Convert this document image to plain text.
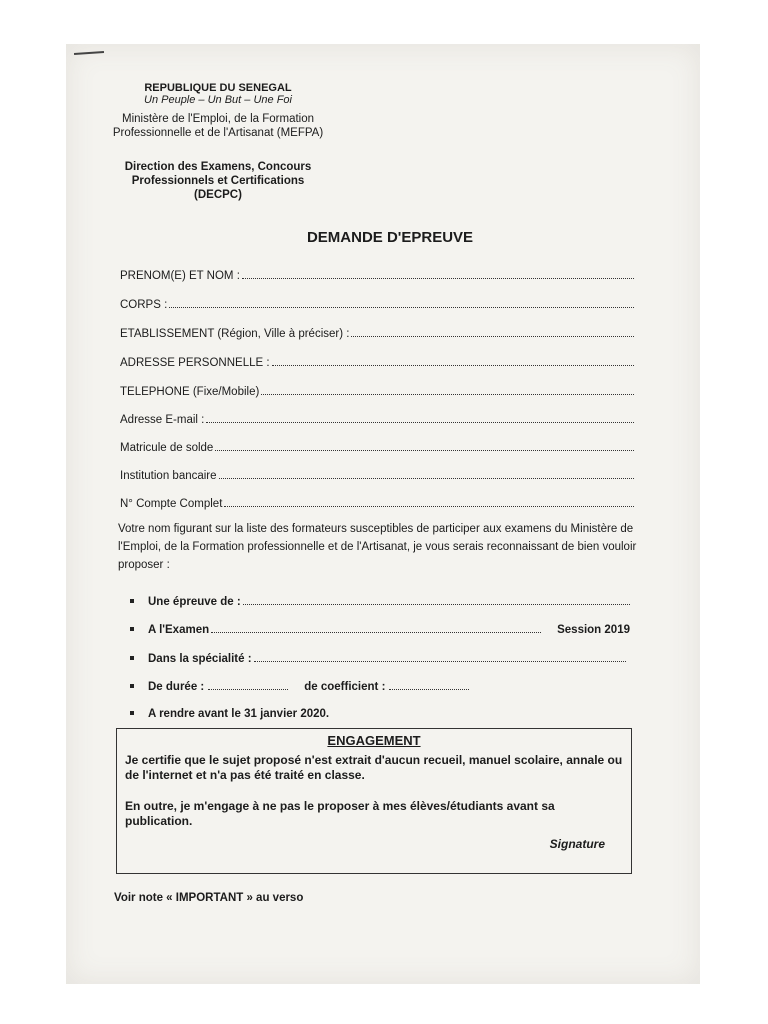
REPUBLIQUE DU SENEGAL
Un Peuple – Un But – Une Foi
Ministère de l'Emploi, de la Formation
Professionnelle et de l'Artisanat (MEFPA)
Direction des Examens, Concours
Professionnels et Certifications
(DECPC)
DEMANDE D'EPREUVE
PRENOM(E) ET NOM :
CORPS :
ETABLISSEMENT (Région, Ville à préciser) :
ADRESSE PERSONNELLE :
TELEPHONE (Fixe/Mobile)
Adresse E-mail :
Matricule de solde
Institution bancaire
N° Compte Complet
Votre nom figurant sur la liste des formateurs susceptibles de participer aux examens du Ministère de l'Emploi, de la Formation professionnelle et de l'Artisanat, je vous serais reconnaissant de bien vouloir proposer :
Une épreuve de :
A l'Examen	Session 2019
Dans la spécialité :
De durée :	de coefficient :
A rendre avant le 31 janvier 2020.
ENGAGEMENT
Je certifie que le sujet proposé n'est extrait d'aucun recueil, manuel scolaire, annale ou de l'internet et n'a pas été traité en classe.
En outre, je m'engage à ne pas le proposer à mes élèves/étudiants avant sa publication.
Signature
Voir note « IMPORTANT » au verso
